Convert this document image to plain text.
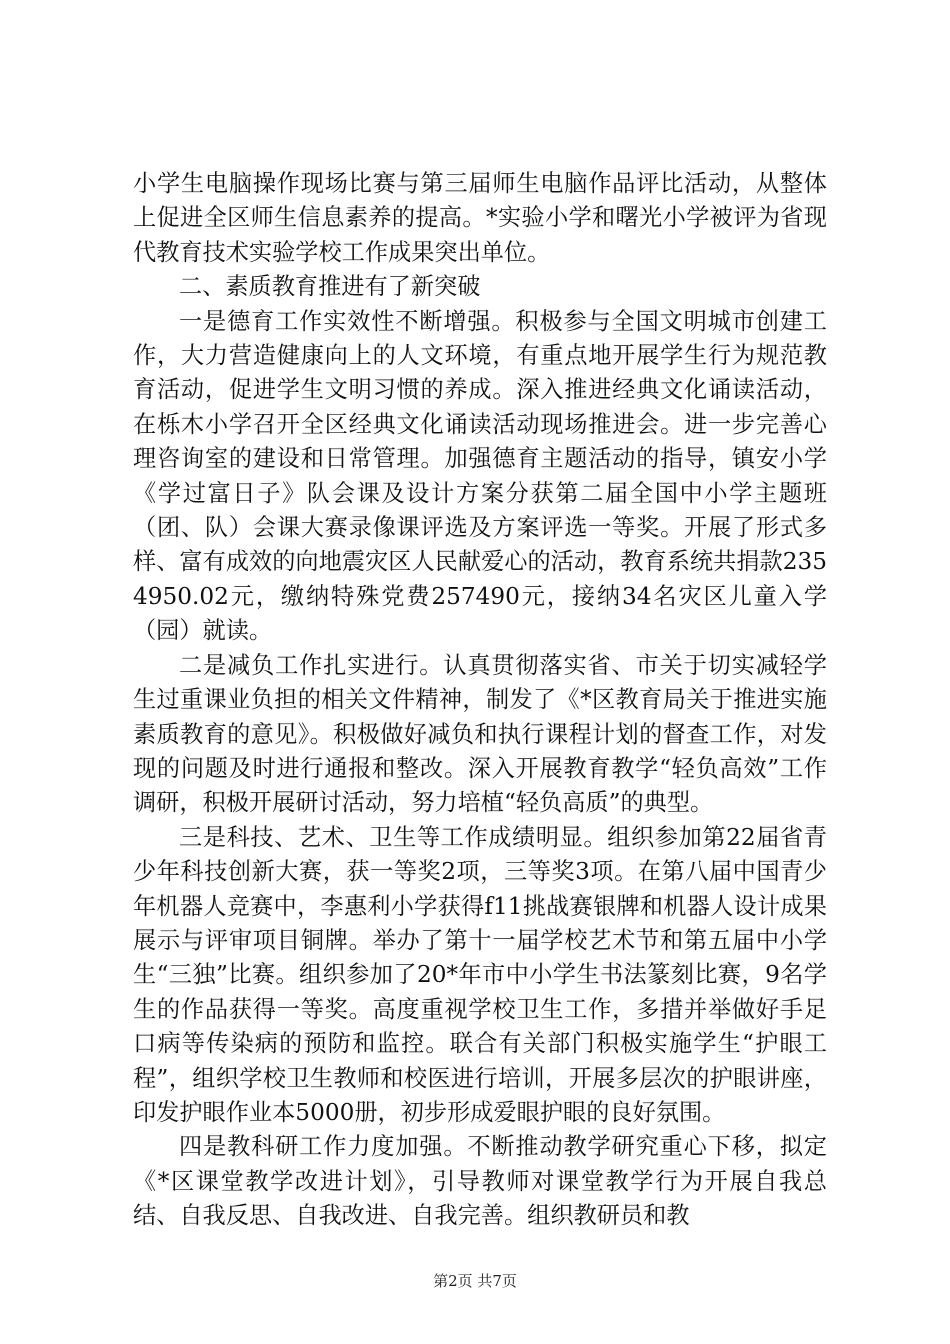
小学生电脑操作现场比赛与第三届师生电脑作品评比活动，从整体上促进全区师生信息素养的提高。*实验小学和曙光小学被评为省现代教育技术实验学校工作成果突出单位。

二、素质教育推进有了新突破

一是德育工作实效性不断增强。积极参与全国文明城市创建工作，大力营造健康向上的人文环境，有重点地开展学生行为规范教育活动，促进学生文明习惯的养成。深入推进经典文化诵读活动，在栎木小学召开全区经典文化诵读活动现场推进会。进一步完善心理咨询室的建设和日常管理。加强德育主题活动的指导，镇安小学《学过富日子》队会课及设计方案分获第二届全国中小学主题班（团、队）会课大赛录像课评选及方案评选一等奖。开展了形式多样、富有成效的向地震灾区人民献爱心的活动，教育系统共捐款2354950.02元，缴纳特殊党费257490元，接纳34名灾区儿童入学（园）就读。

二是减负工作扎实进行。认真贯彻落实省、市关于切实减轻学生过重课业负担的相关文件精神，制发了《*区教育局关于推进实施素质教育的意见》。积极做好减负和执行课程计划的督查工作，对发现的问题及时进行通报和整改。深入开展教育教学“轻负高效”工作调研，积极开展研讨活动，努力培植“轻负高质”的典型。

三是科技、艺术、卫生等工作成绩明显。组织参加第22届省青少年科技创新大赛，获一等奖2项，三等奖3项。在第八届中国青少年机器人竞赛中，李惠利小学获得f11挑战赛银牌和机器人设计成果展示与评审项目铜牌。举办了第十一届学校艺术节和第五届中小学生“三独”比赛。组织参加了20*年市中小学生书法篆刻比赛，9名学生的作品获得一等奖。高度重视学校卫生工作，多措并举做好手足口病等传染病的预防和监控。联合有关部门积极实施学生“护眼工程”，组织学校卫生教师和校医进行培训，开展多层次的护眼讲座，印发护眼作业本5000册，初步形成爱眼护眼的良好氛围。

四是教科研工作力度加强。不断推动教学研究重心下移，拟定《*区课堂教学改进计划》，引导教师对课堂教学行为开展自我总结、自我反思、自我改进、自我完善。组织教研员和教

第2页 共7页
